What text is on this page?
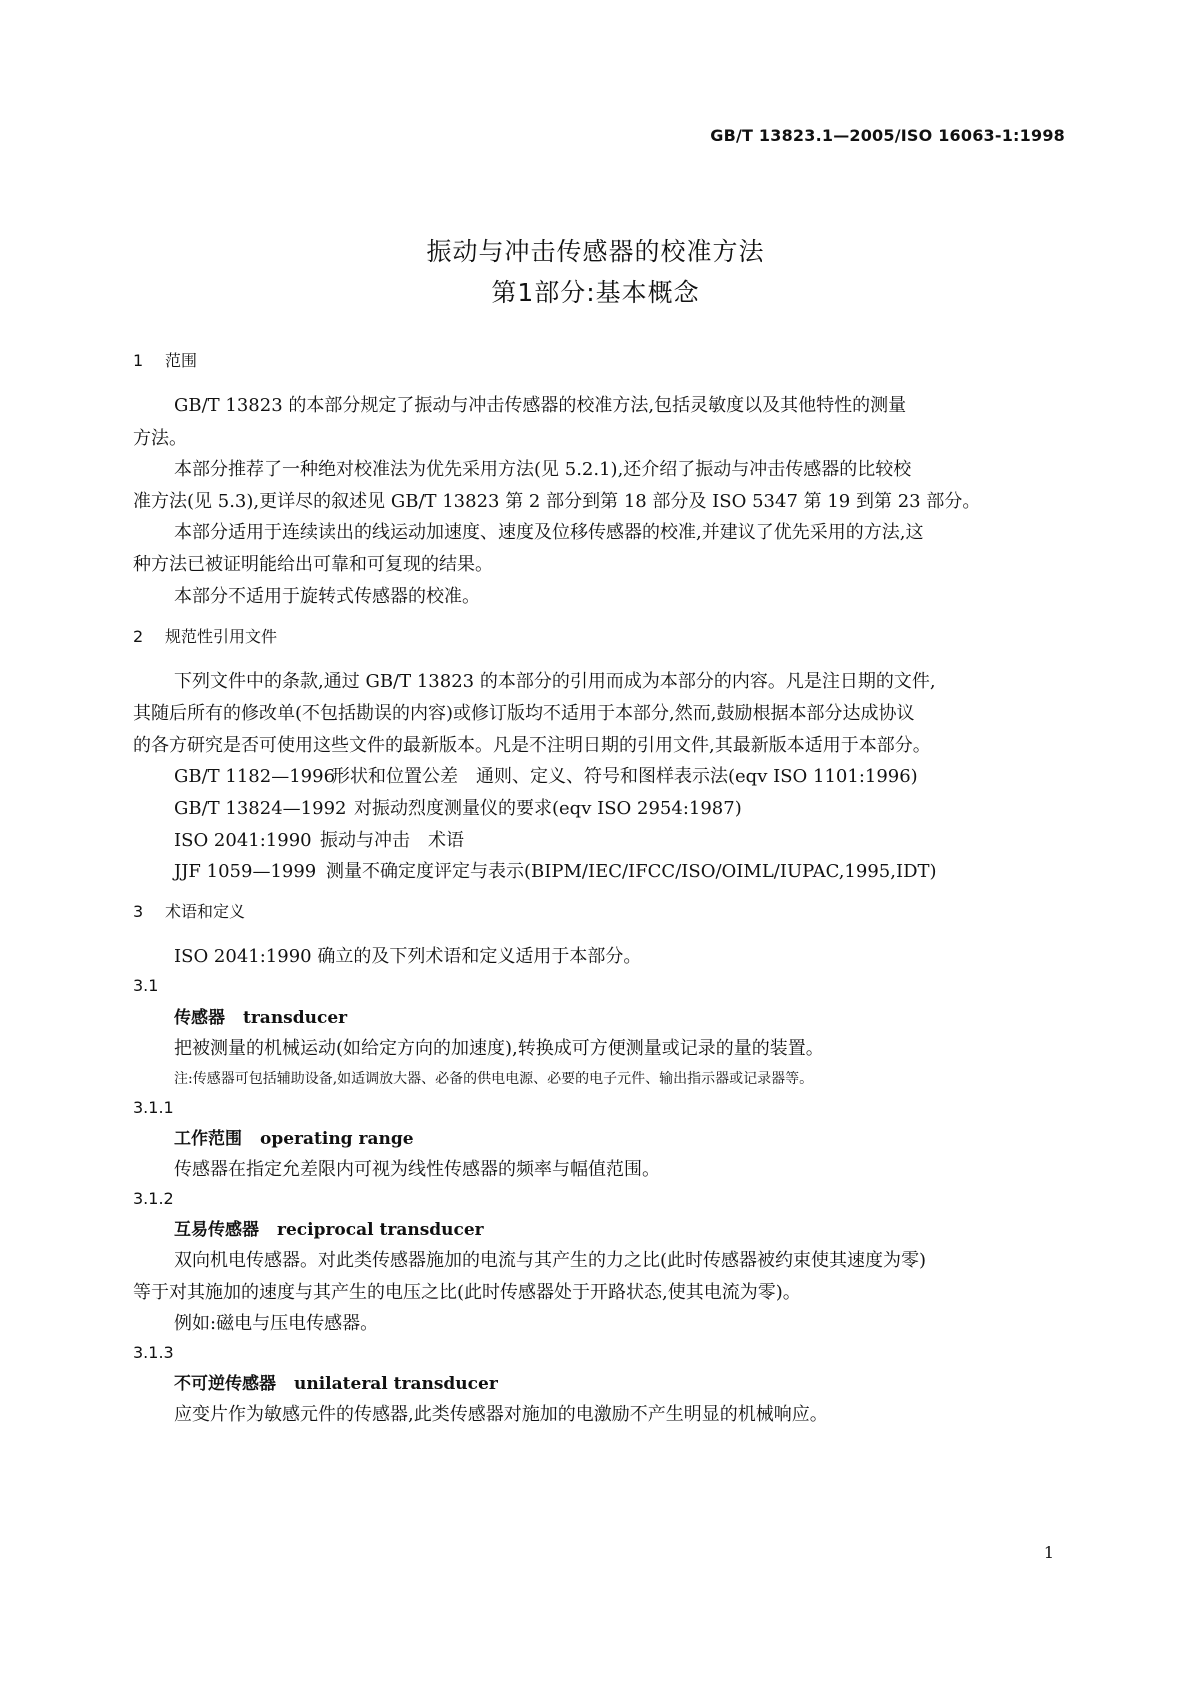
GB/T 13823.1—2005/ISO 16063-1:1998
振动与冲击传感器的校准方法
第1部分:基本概念
1 范围
GB/T 13823 的本部分规定了振动与冲击传感器的校准方法,包括灵敏度以及其他特性的测量
方法。
本部分推荐了一种绝对校准法为优先采用方法(见 5.2.1),还介绍了振动与冲击传感器的比较校
准方法(见 5.3),更详尽的叙述见 GB/T 13823 第 2 部分到第 18 部分及 ISO 5347 第 19 到第 23 部分。
本部分适用于连续读出的线运动加速度、速度及位移传感器的校准,并建议了优先采用的方法,这
种方法已被证明能给出可靠和可复现的结果。
本部分不适用于旋转式传感器的校准。
2 规范性引用文件
下列文件中的条款,通过 GB/T 13823 的本部分的引用而成为本部分的内容。凡是注日期的文件,
其随后所有的修改单(不包括勘误的内容)或修订版均不适用于本部分,然而,鼓励根据本部分达成协议
的各方研究是否可使用这些文件的最新版本。凡是不注明日期的引用文件,其最新版本适用于本部分。
GB/T 1182—1996形状和位置公差　通则、定义、符号和图样表示法(eqv ISO 1101:1996)
GB/T 13824—1992 对振动烈度测量仪的要求(eqv ISO 2954:1987)
ISO 2041:1990 振动与冲击　术语
JJF 1059—1999 测量不确定度评定与表示(BIPM/IEC/IFCC/ISO/OIML/IUPAC,1995,IDT)
3 术语和定义
ISO 2041:1990 确立的及下列术语和定义适用于本部分。
3.1
传感器 transducer
把被测量的机械运动(如给定方向的加速度),转换成可方便测量或记录的量的装置。
注:传感器可包括辅助设备,如适调放大器、必备的供电电源、必要的电子元件、输出指示器或记录器等。
3.1.1
工作范围 operating range
传感器在指定允差限内可视为线性传感器的频率与幅值范围。
3.1.2
互易传感器 reciprocal transducer
双向机电传感器。对此类传感器施加的电流与其产生的力之比(此时传感器被约束使其速度为零)
等于对其施加的速度与其产生的电压之比(此时传感器处于开路状态,使其电流为零)。
例如:磁电与压电传感器。
3.1.3
不可逆传感器 unilateral transducer
应变片作为敏感元件的传感器,此类传感器对施加的电激励不产生明显的机械响应。
1
